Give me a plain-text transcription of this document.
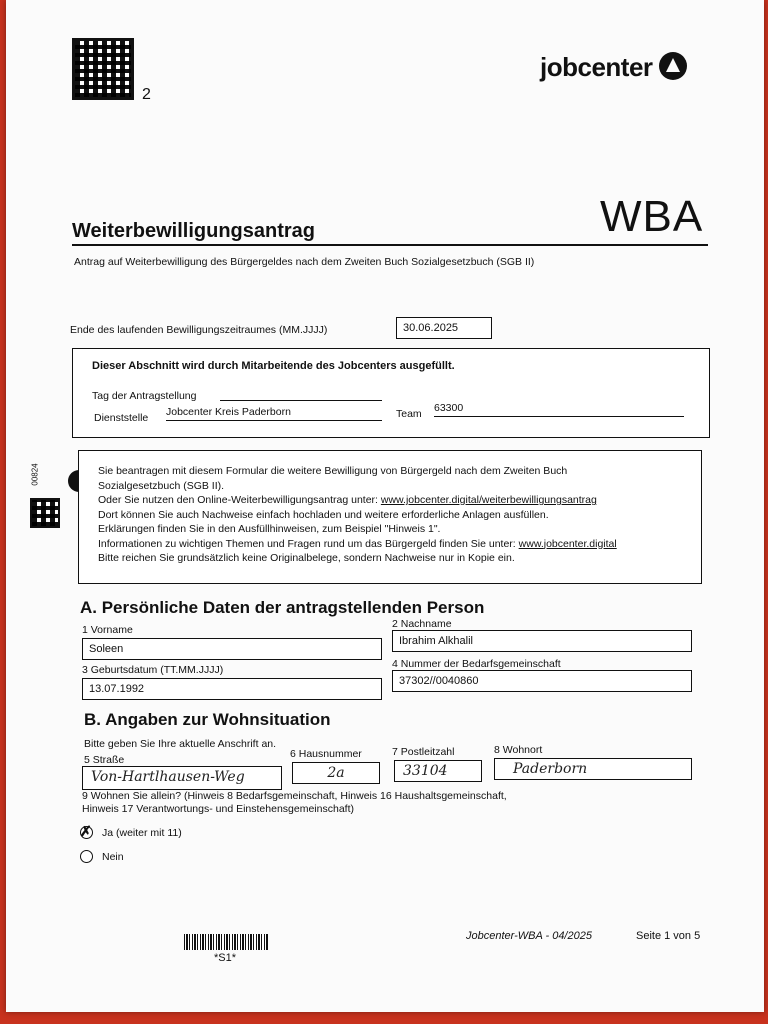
2
jobcenter
WBA
Weiterbewilligungsantrag
Antrag auf Weiterbewilligung des Bürgergeldes nach dem Zweiten Buch Sozialgesetzbuch (SGB II)
Ende des laufenden Bewilligungszeitraumes (MM.JJJJ)	30.06.2025
Dieser Abschnitt wird durch Mitarbeitende des Jobcenters ausgefüllt.
Tag der Antragstellung
Dienststelle Jobcenter Kreis Paderborn	Team 63300
00824	Sie beantragen mit diesem Formular die weitere Bewilligung von Bürgergeld nach dem Zweiten Buch
Sozialgesetzbuch (SGB II).
Oder Sie nutzen den Online-Weiterbewilligungsantrag unter: www.jobcenter.digital/weiterbewilligungsantrag
Dort können Sie auch Nachweise einfach hochladen und weitere erforderliche Anlagen ausfüllen.
Erklärungen finden Sie in den Ausfüllhinweisen, zum Beispiel "Hinweis 1".
Informationen zu wichtigen Themen und Fragen rund um das Bürgergeld finden Sie unter: www.jobcenter.digital
Bitte reichen Sie grundsätzlich keine Originalbelege, sondern Nachweise nur in Kopie ein.
A. Persönliche Daten der antragstellenden Person
1 Vorname
Soleen
2 Nachname
Ibrahim Alkhalil
3 Geburtsdatum (TT.MM.JJJJ)
13.07.1992
4 Nummer der Bedarfsgemeinschaft
37302//0040860
B. Angaben zur Wohnsituation
Bitte geben Sie Ihre aktuelle Anschrift an.
5 Straße
Von-Hartlhausen-Weg
6 Hausnummer
2a
7 Postleitzahl
33104
8 Wohnort
Paderborn
9 Wohnen Sie allein? (Hinweis 8 Bedarfsgemeinschaft, Hinweis 16 Haushaltsgemeinschaft,
Hinweis 17 Verantwortungs- und Einstehensgemeinschaft)
✗ Ja (weiter mit 11)
Nein
*S1*
Jobcenter-WBA - 04/2025	Seite 1 von 5
